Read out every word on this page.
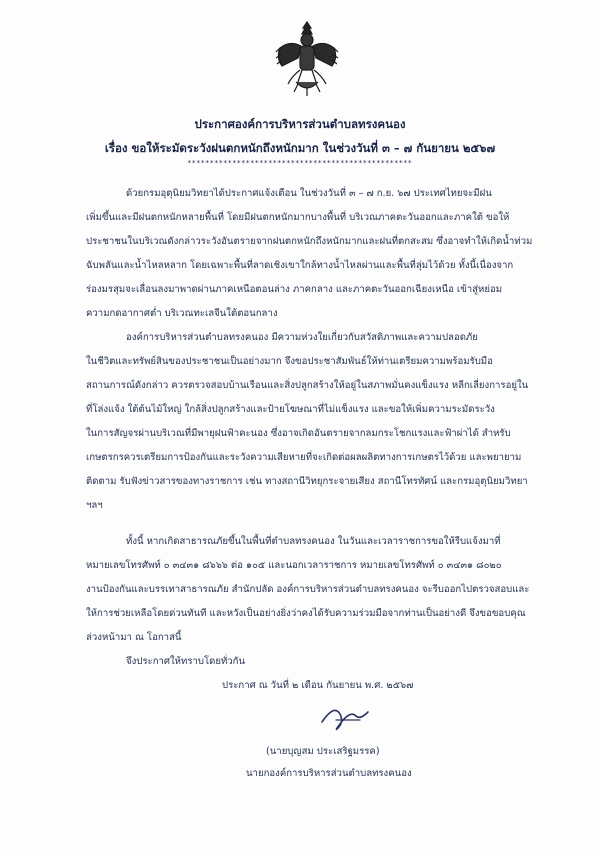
ประกาศองค์การบริหารส่วนตำบลทรงคนอง
เรื่อง ขอให้ระมัดระวังฝนตกหนักถึงหนักมาก ในช่วงวันที่ ๓ – ๗ กันยายน ๒๕๖๗
**************************************************
ด้วยกรมอุตุนิยมวิทยาได้ประกาศแจ้งเตือน ในช่วงวันที่ ๓ – ๗ ก.ย. ๖๗ ประเทศไทยจะมีฝน
เพิ่มขึ้นและมีฝนตกหนักหลายพื้นที่ โดยมีฝนตกหนักมากบางพื้นที่ บริเวณภาคตะวันออกและภาคใต้ ขอให้
ประชาชนในบริเวณดังกล่าวระวังอันตรายจากฝนตกหนักถึงหนักมากและฝนที่ตกสะสม ซึ่งอาจทำให้เกิดน้ำท่วม
ฉับพลันและน้ำไหลหลาก โดยเฉพาะพื้นที่ลาดเชิงเขาใกล้ทางน้ำไหลผ่านและพื้นที่ลุ่มไว้ด้วย ทั้งนี้เนื่องจาก
ร่องมรสุมจะเลื่อนลงมาพาดผ่านภาคเหนือตอนล่าง ภาคกลาง และภาคตะวันออกเฉียงเหนือ เข้าสู่หย่อม
ความกดอากาศต่ำ บริเวณทะเลจีนใต้ตอนกลาง
องค์การบริหารส่วนตำบลทรงคนอง มีความห่วงใยเกี่ยวกับสวัสดิภาพและความปลอดภัย
ในชีวิตและทรัพย์สินของประชาชนเป็นอย่างมาก จึงขอประชาสัมพันธ์ให้ท่านเตรียมความพร้อมรับมือ
สถานการณ์ดังกล่าว ควรตรวจสอบบ้านเรือนและสิ่งปลูกสร้างให้อยู่ในสภาพมั่นคงแข็งแรง หลีกเลี่ยงการอยู่ใน
ที่โล่งแจ้ง ใต้ต้นไม้ใหญ่ ใกล้สิ่งปลูกสร้างและป้ายโฆษณาที่ไม่แข็งแรง และขอให้เพิ่มความระมัดระวัง
ในการสัญจรผ่านบริเวณที่มีพายุฝนฟ้าคะนอง ซึ่งอาจเกิดอันตรายจากลมกระโชกแรงและฟ้าผ่าได้ สำหรับ
เกษตรกรควรเตรียมการป้องกันและระวังความเสียหายที่จะเกิดต่อผลผลิตทางการเกษตรไว้ด้วย และพยายาม
ติดตาม รับฟังข่าวสารของทางราชการ เช่น ทางสถานีวิทยุกระจายเสียง สถานีโทรทัศน์ และกรมอุตุนิยมวิทยา
ฯลฯ
ทั้งนี้ หากเกิดสาธารณภัยขึ้นในพื้นที่ตำบลทรงคนอง ในวันและเวลาราชการขอให้รีบแจ้งมาที่
หมายเลขโทรศัพท์ ๐ ๓๔๓๑ ๘๖๖๖ ต่อ ๑๐๕ และนอกเวลาราชการ หมายเลขโทรศัพท์ ๐ ๓๔๓๑ ๘๐๒๐
งานป้องกันและบรรเทาสาธารณภัย สำนักปลัด องค์การบริหารส่วนตำบลทรงคนอง จะรีบออกไปตรวจสอบและ
ให้การช่วยเหลือโดยด่วนทันที และหวังเป็นอย่างยิ่งว่าคงได้รับความร่วมมือจากท่านเป็นอย่างดี จึงขอขอบคุณ
ล่วงหน้ามา ณ โอกาสนี้
จึงประกาศให้ทราบโดยทั่วกัน
ประกาศ ณ วันที่ ๒ เดือน กันยายน พ.ศ. ๒๕๖๗
(นายบุญสม ประเสริฐมรรค)
นายกองค์การบริหารส่วนตำบลทรงคนอง
